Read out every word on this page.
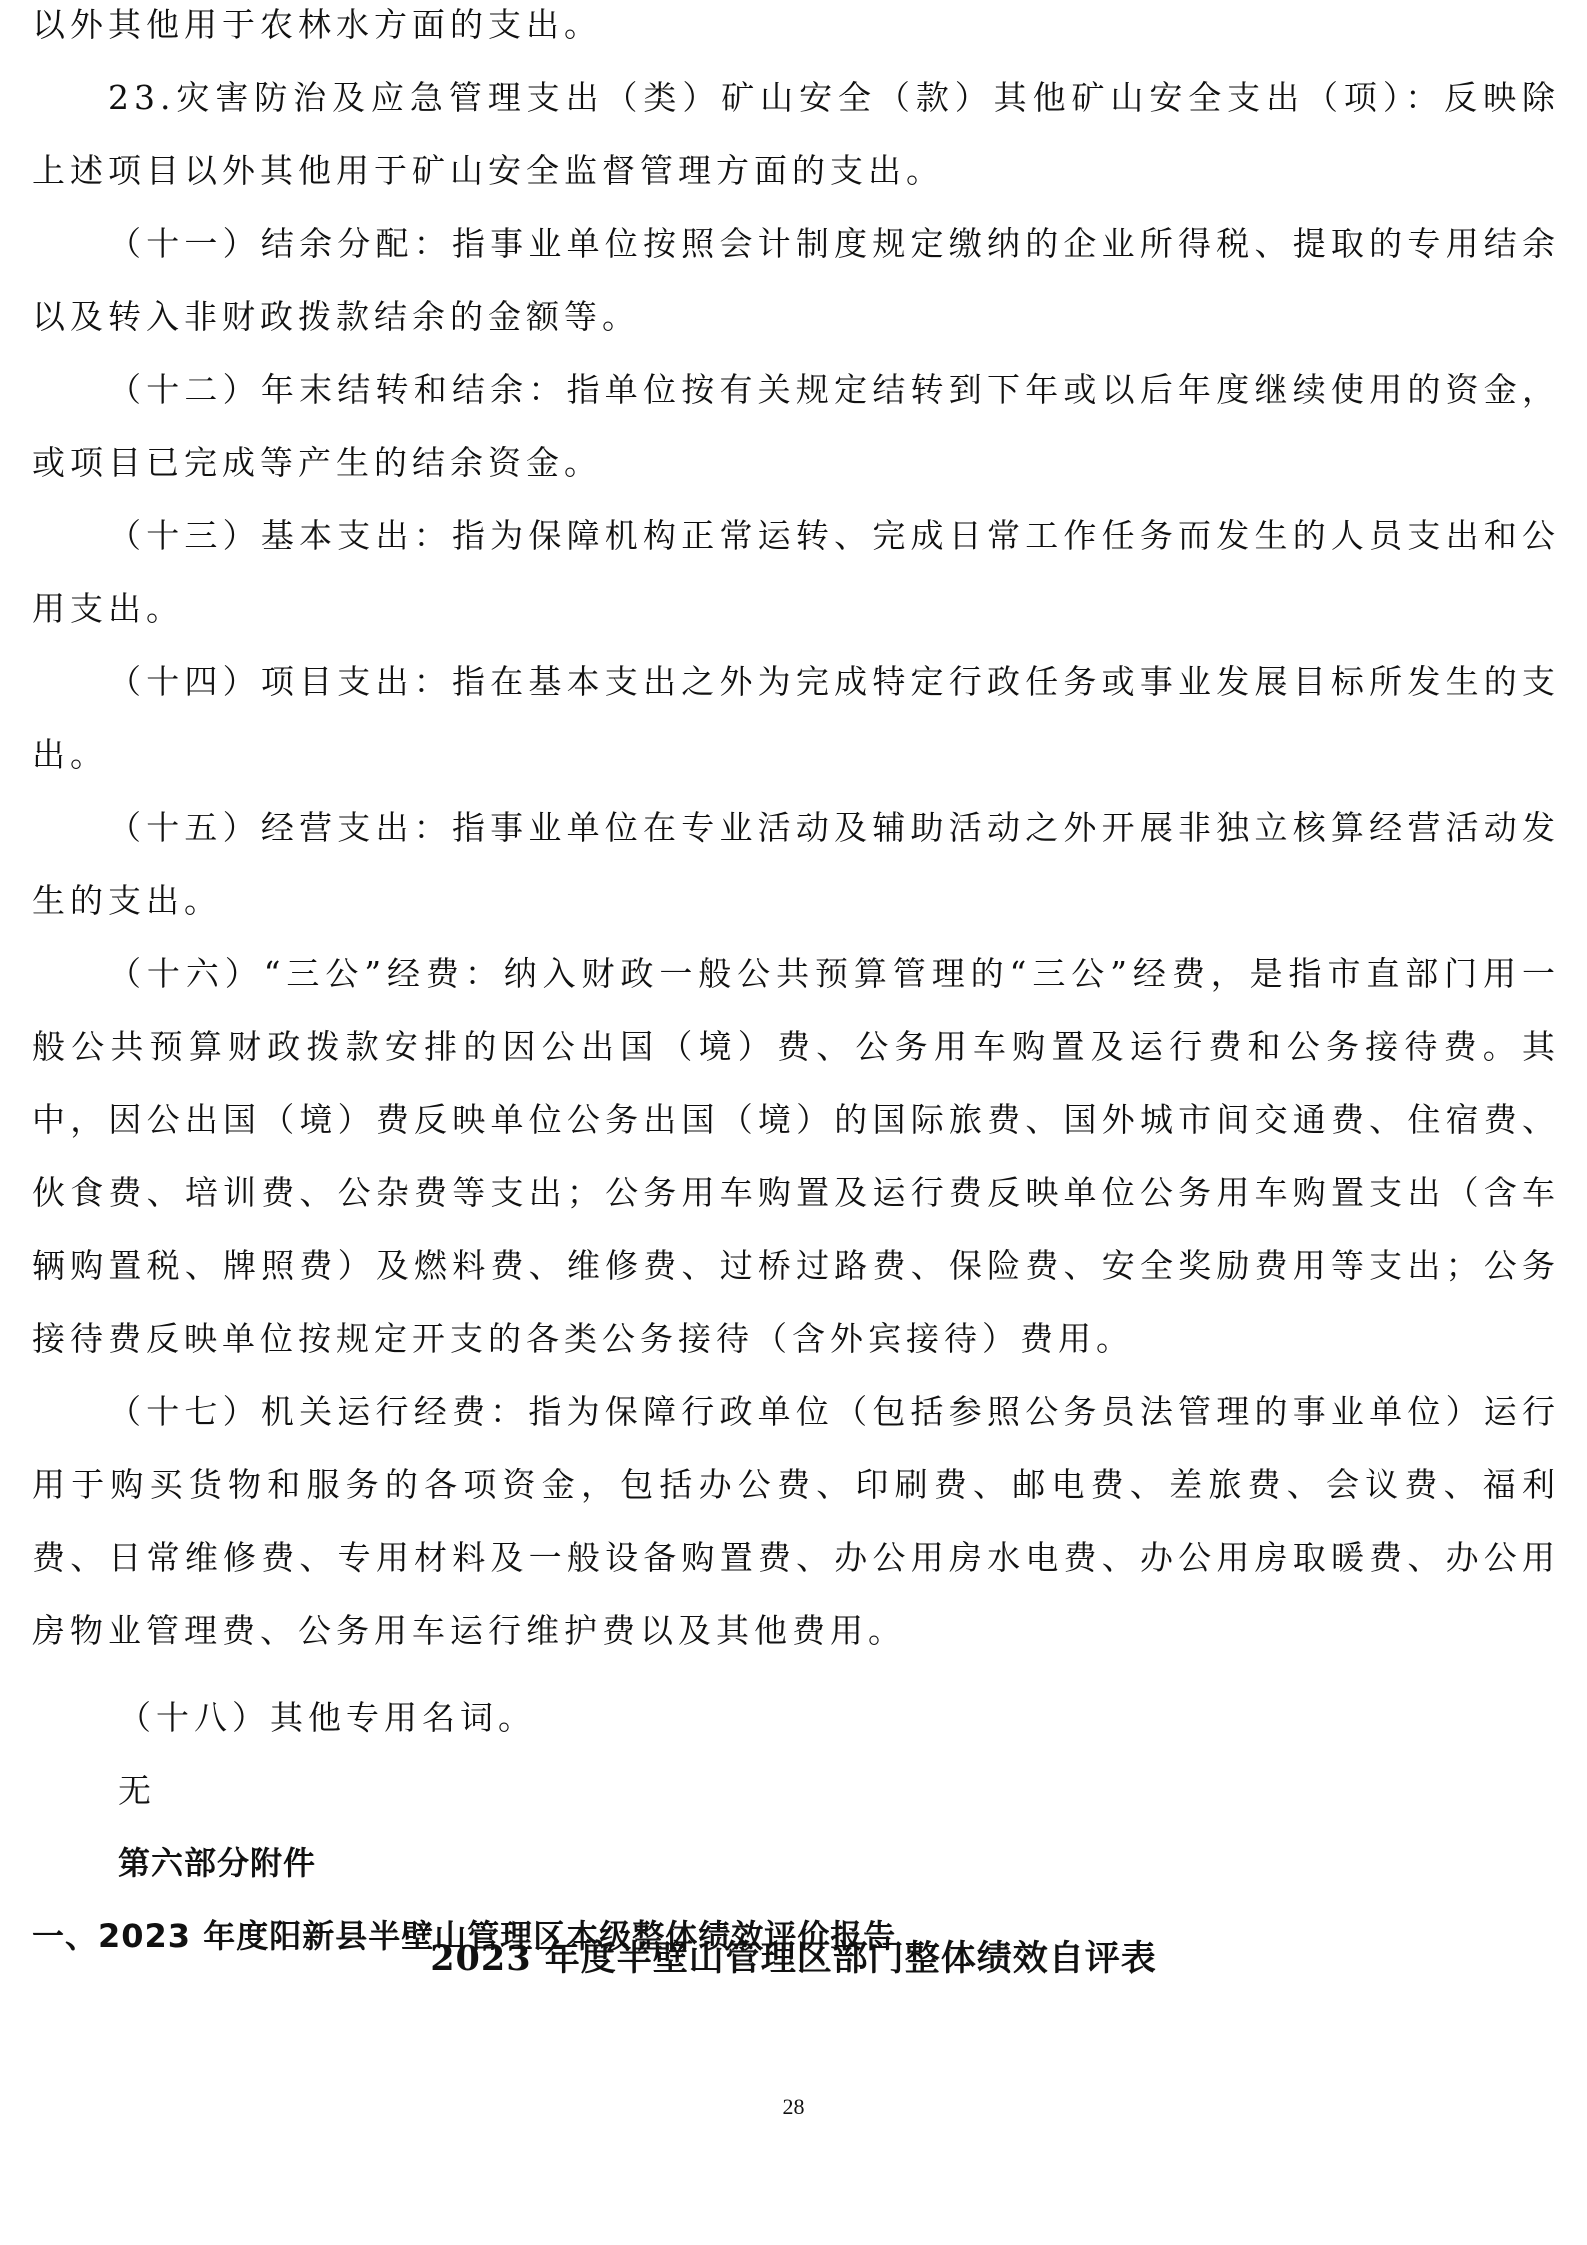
以外其他用于农林水方面的支出。

23.灾害防治及应急管理支出（类）矿山安全（款）其他矿山安全支出（项）：反映除上述项目以外其他用于矿山安全监督管理方面的支出。

（十一）结余分配：指事业单位按照会计制度规定缴纳的企业所得税、提取的专用结余以及转入非财政拨款结余的金额等。

（十二）年末结转和结余：指单位按有关规定结转到下年或以后年度继续使用的资金，或项目已完成等产生的结余资金。

（十三）基本支出：指为保障机构正常运转、完成日常工作任务而发生的人员支出和公用支出。

（十四）项目支出：指在基本支出之外为完成特定行政任务或事业发展目标所发生的支出。

（十五）经营支出：指事业单位在专业活动及辅助活动之外开展非独立核算经营活动发生的支出。

（十六）“三公”经费：纳入财政一般公共预算管理的“三公”经费，是指市直部门用一般公共预算财政拨款安排的因公出国（境）费、公务用车购置及运行费和公务接待费。其中，因公出国（境）费反映单位公务出国（境）的国际旅费、国外城市间交通费、住宿费、伙食费、培训费、公杂费等支出；公务用车购置及运行费反映单位公务用车购置支出（含车辆购置税、牌照费）及燃料费、维修费、过桥过路费、保险费、安全奖励费用等支出；公务接待费反映单位按规定开支的各类公务接待（含外宾接待）费用。

（十七）机关运行经费：指为保障行政单位（包括参照公务员法管理的事业单位）运行用于购买货物和服务的各项资金，包括办公费、印刷费、邮电费、差旅费、会议费、福利费、日常维修费、专用材料及一般设备购置费、办公用房水电费、办公用房取暖费、办公用房物业管理费、公务用车运行维护费以及其他费用。

（十八）其他专用名词。

无

第六部分附件

一、2023 年度阳新县半壁山管理区本级整体绩效评价报告

2023 年度半壁山管理区部门整体绩效自评表
28
